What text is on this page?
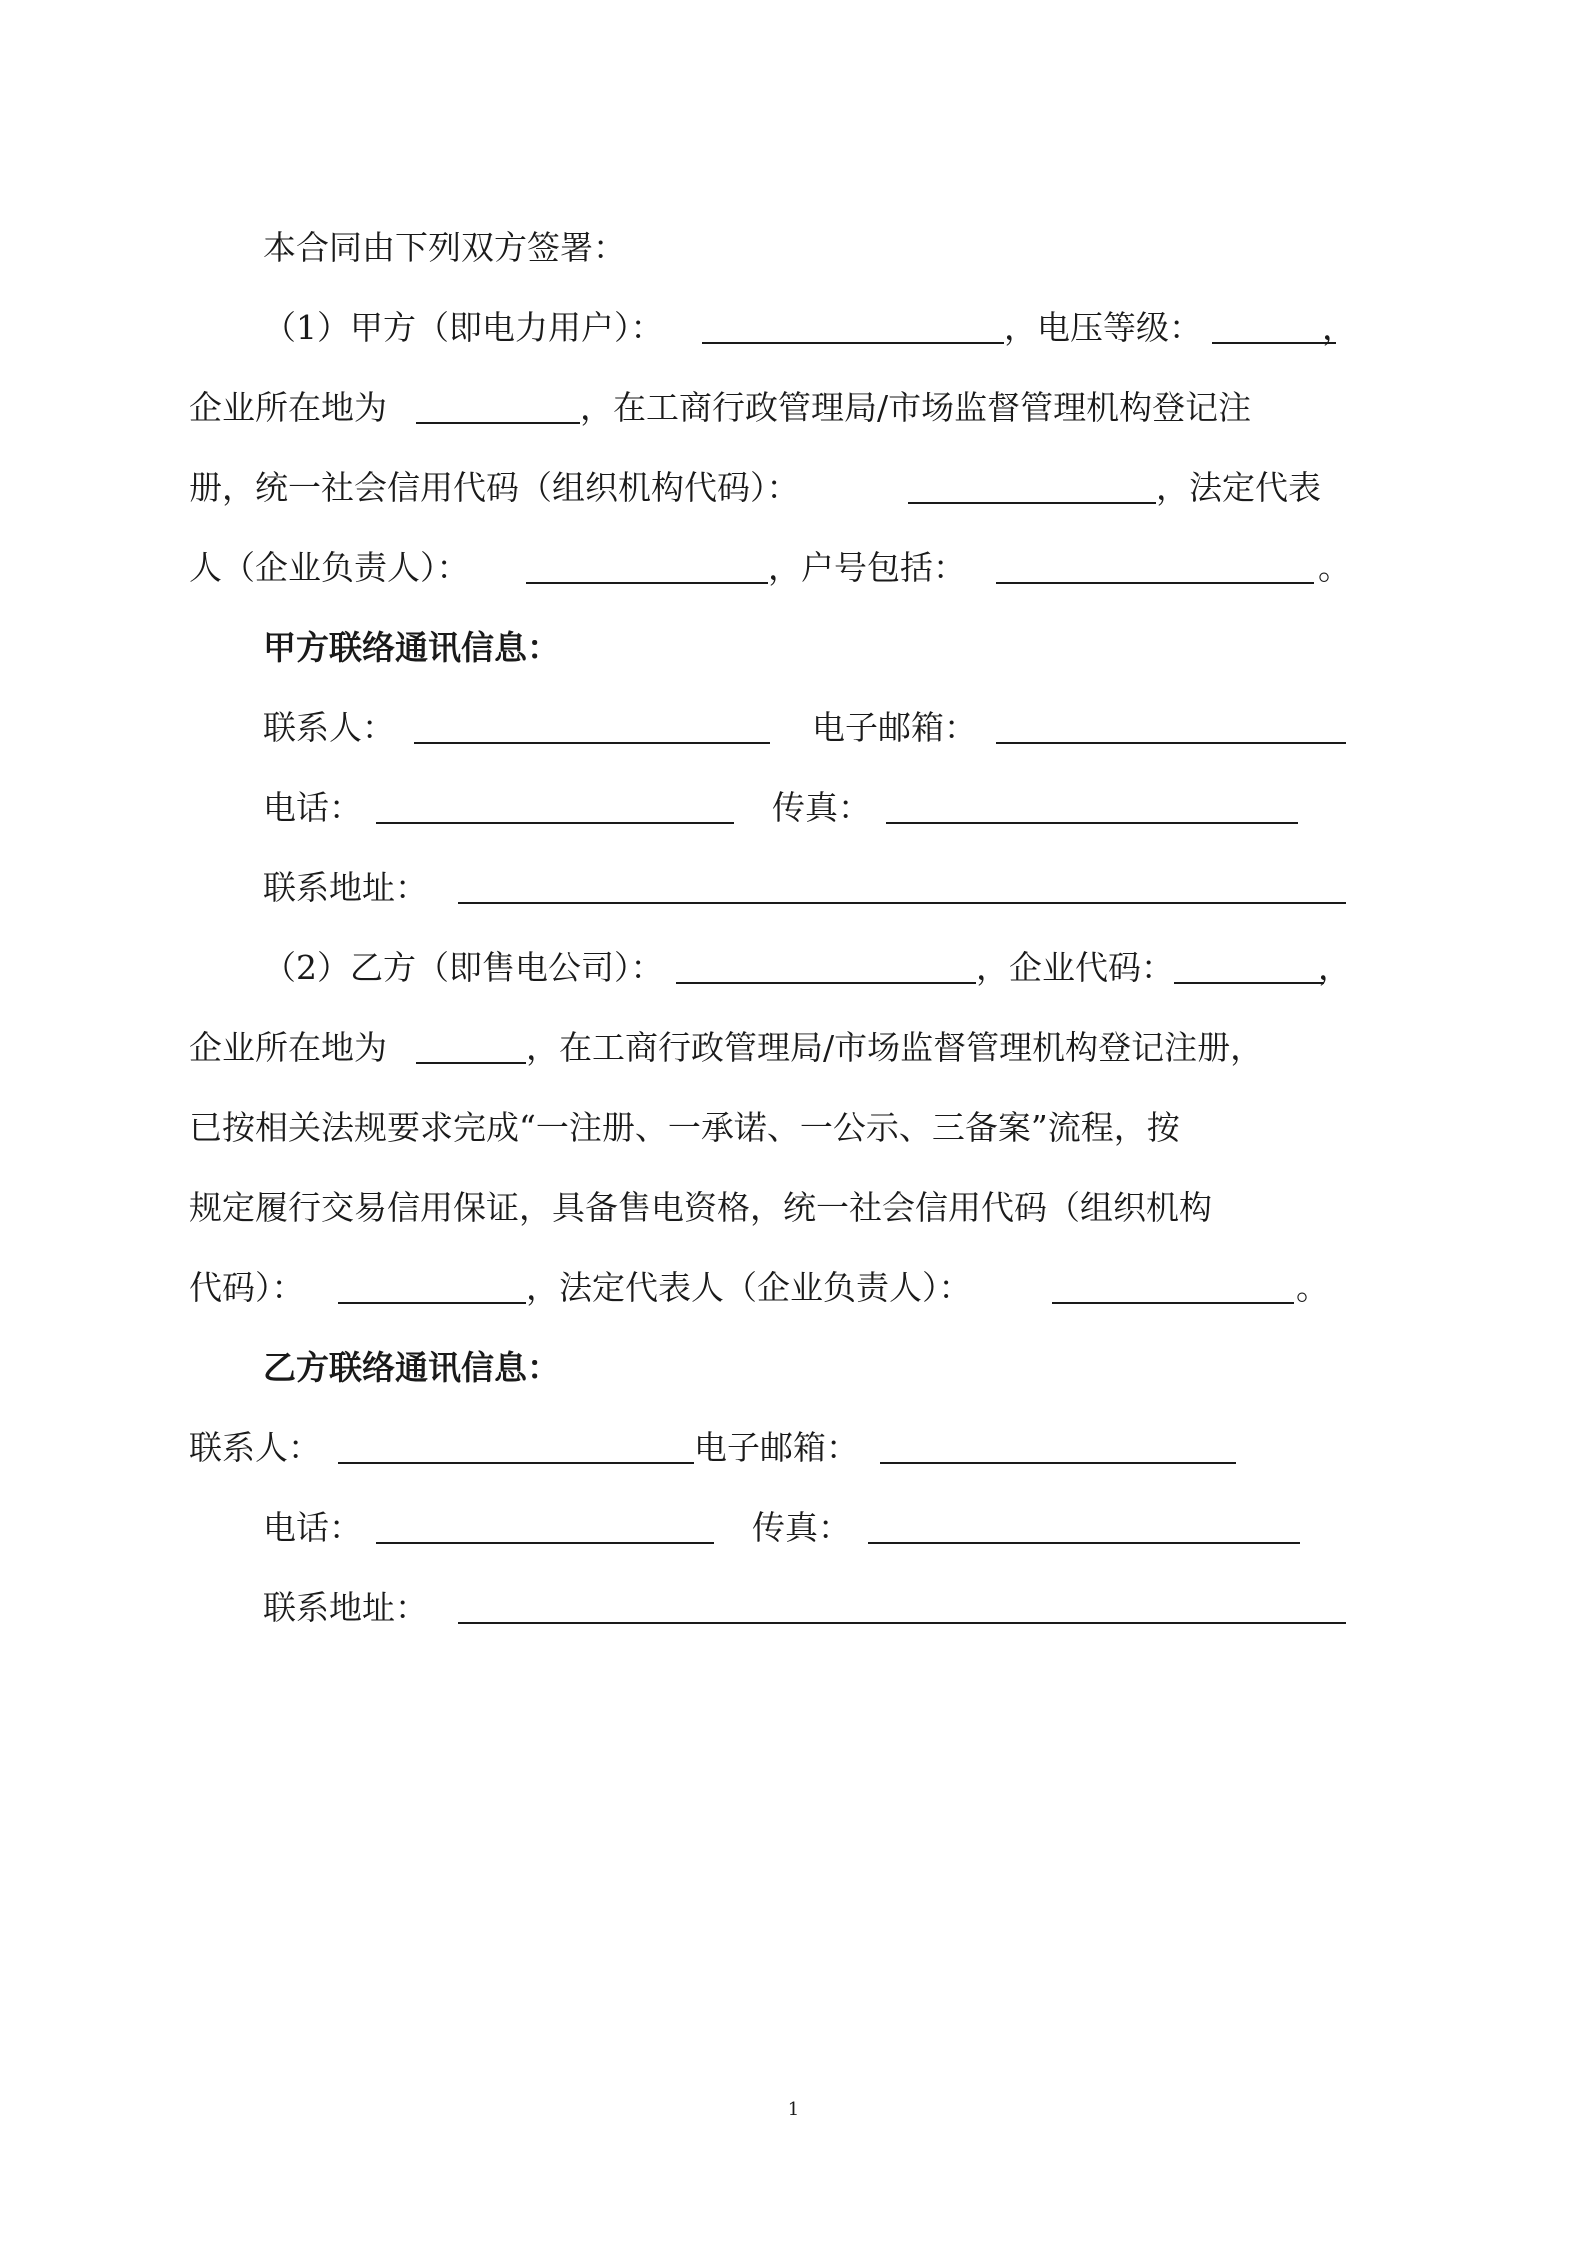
本合同由下列双方签署：
（1）甲方（即电力用户）：	，电压等级：	，
企业所在地为	，在工商行政管理局/市场监督管理机构登记注
册，统一社会信用代码（组织机构代码）：	，法定代表
人（企业负责人）：	，户号包括：	。
甲方联络通讯信息：
联系人：	电子邮箱：
电话：	传真：
联系地址：
（2）乙方（即售电公司）：	，企业代码：	，
企业所在地为	，在工商行政管理局/市场监督管理机构登记注册，
已按相关法规要求完成“一注册、一承诺、一公示、三备案”流程，按
规定履行交易信用保证，具备售电资格，统一社会信用代码（组织机构
代码）：	，法定代表人（企业负责人）：	。
乙方联络通讯信息：
联系人：	电子邮箱：
电话：	传真：
联系地址：
1
